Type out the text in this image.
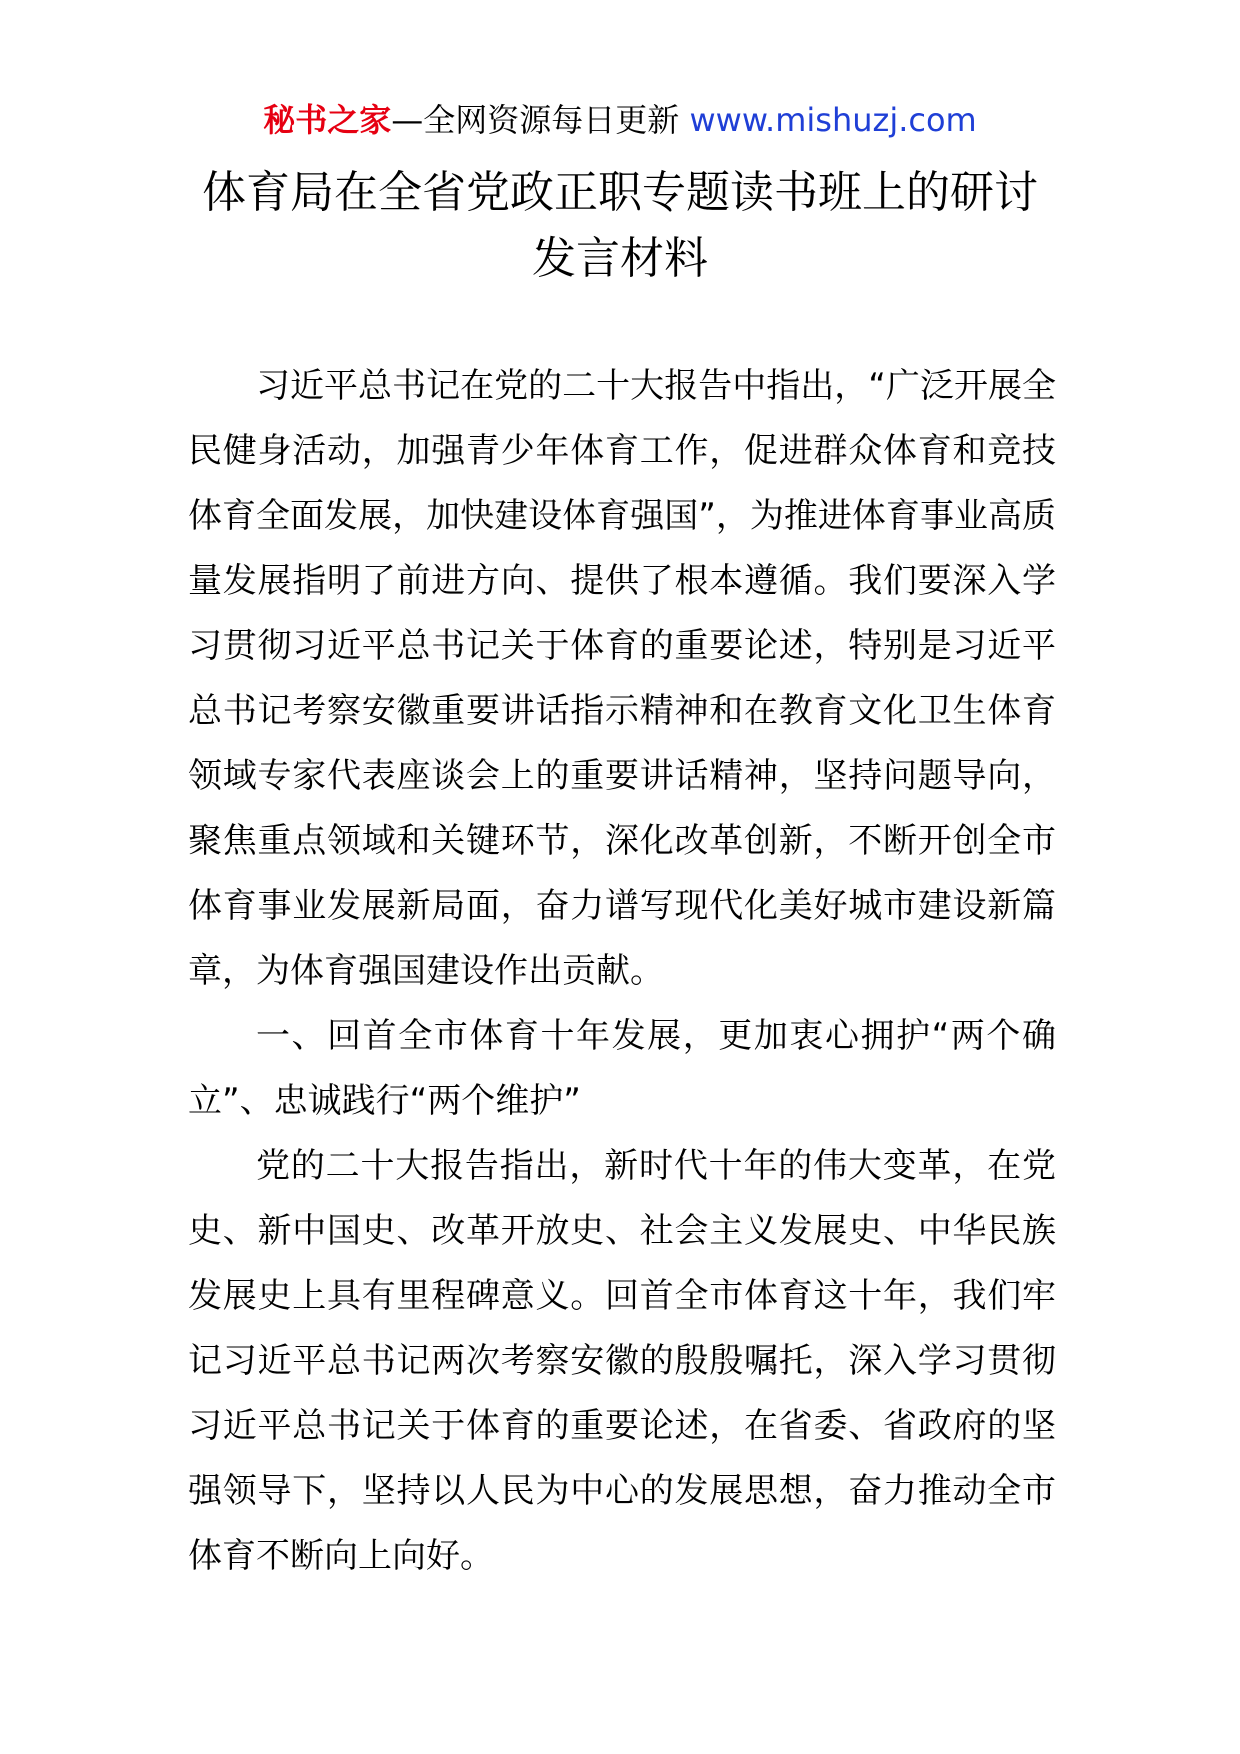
秘书之家—全网资源每日更新 www.mishuzj.com
体育局在全省党政正职专题读书班上的研讨
发言材料

习近平总书记在党的二十大报告中指出，“广泛开展全民健身活动，加强青少年体育工作，促进群众体育和竞技体育全面发展，加快建设体育强国”，为推进体育事业高质量发展指明了前进方向、提供了根本遵循。我们要深入学习贯彻习近平总书记关于体育的重要论述，特别是习近平总书记考察安徽重要讲话指示精神和在教育文化卫生体育领域专家代表座谈会上的重要讲话精神，坚持问题导向，聚焦重点领域和关键环节，深化改革创新，不断开创全市体育事业发展新局面，奋力谱写现代化美好城市建设新篇章，为体育强国建设作出贡献。

一、回首全市体育十年发展，更加衷心拥护“两个确立”、忠诚践行“两个维护”

党的二十大报告指出，新时代十年的伟大变革，在党史、新中国史、改革开放史、社会主义发展史、中华民族发展史上具有里程碑意义。回首全市体育这十年，我们牢记习近平总书记两次考察安徽的殷殷嘱托，深入学习贯彻习近平总书记关于体育的重要论述，在省委、省政府的坚强领导下，坚持以人民为中心的发展思想，奋力推动全市体育不断向上向好。
